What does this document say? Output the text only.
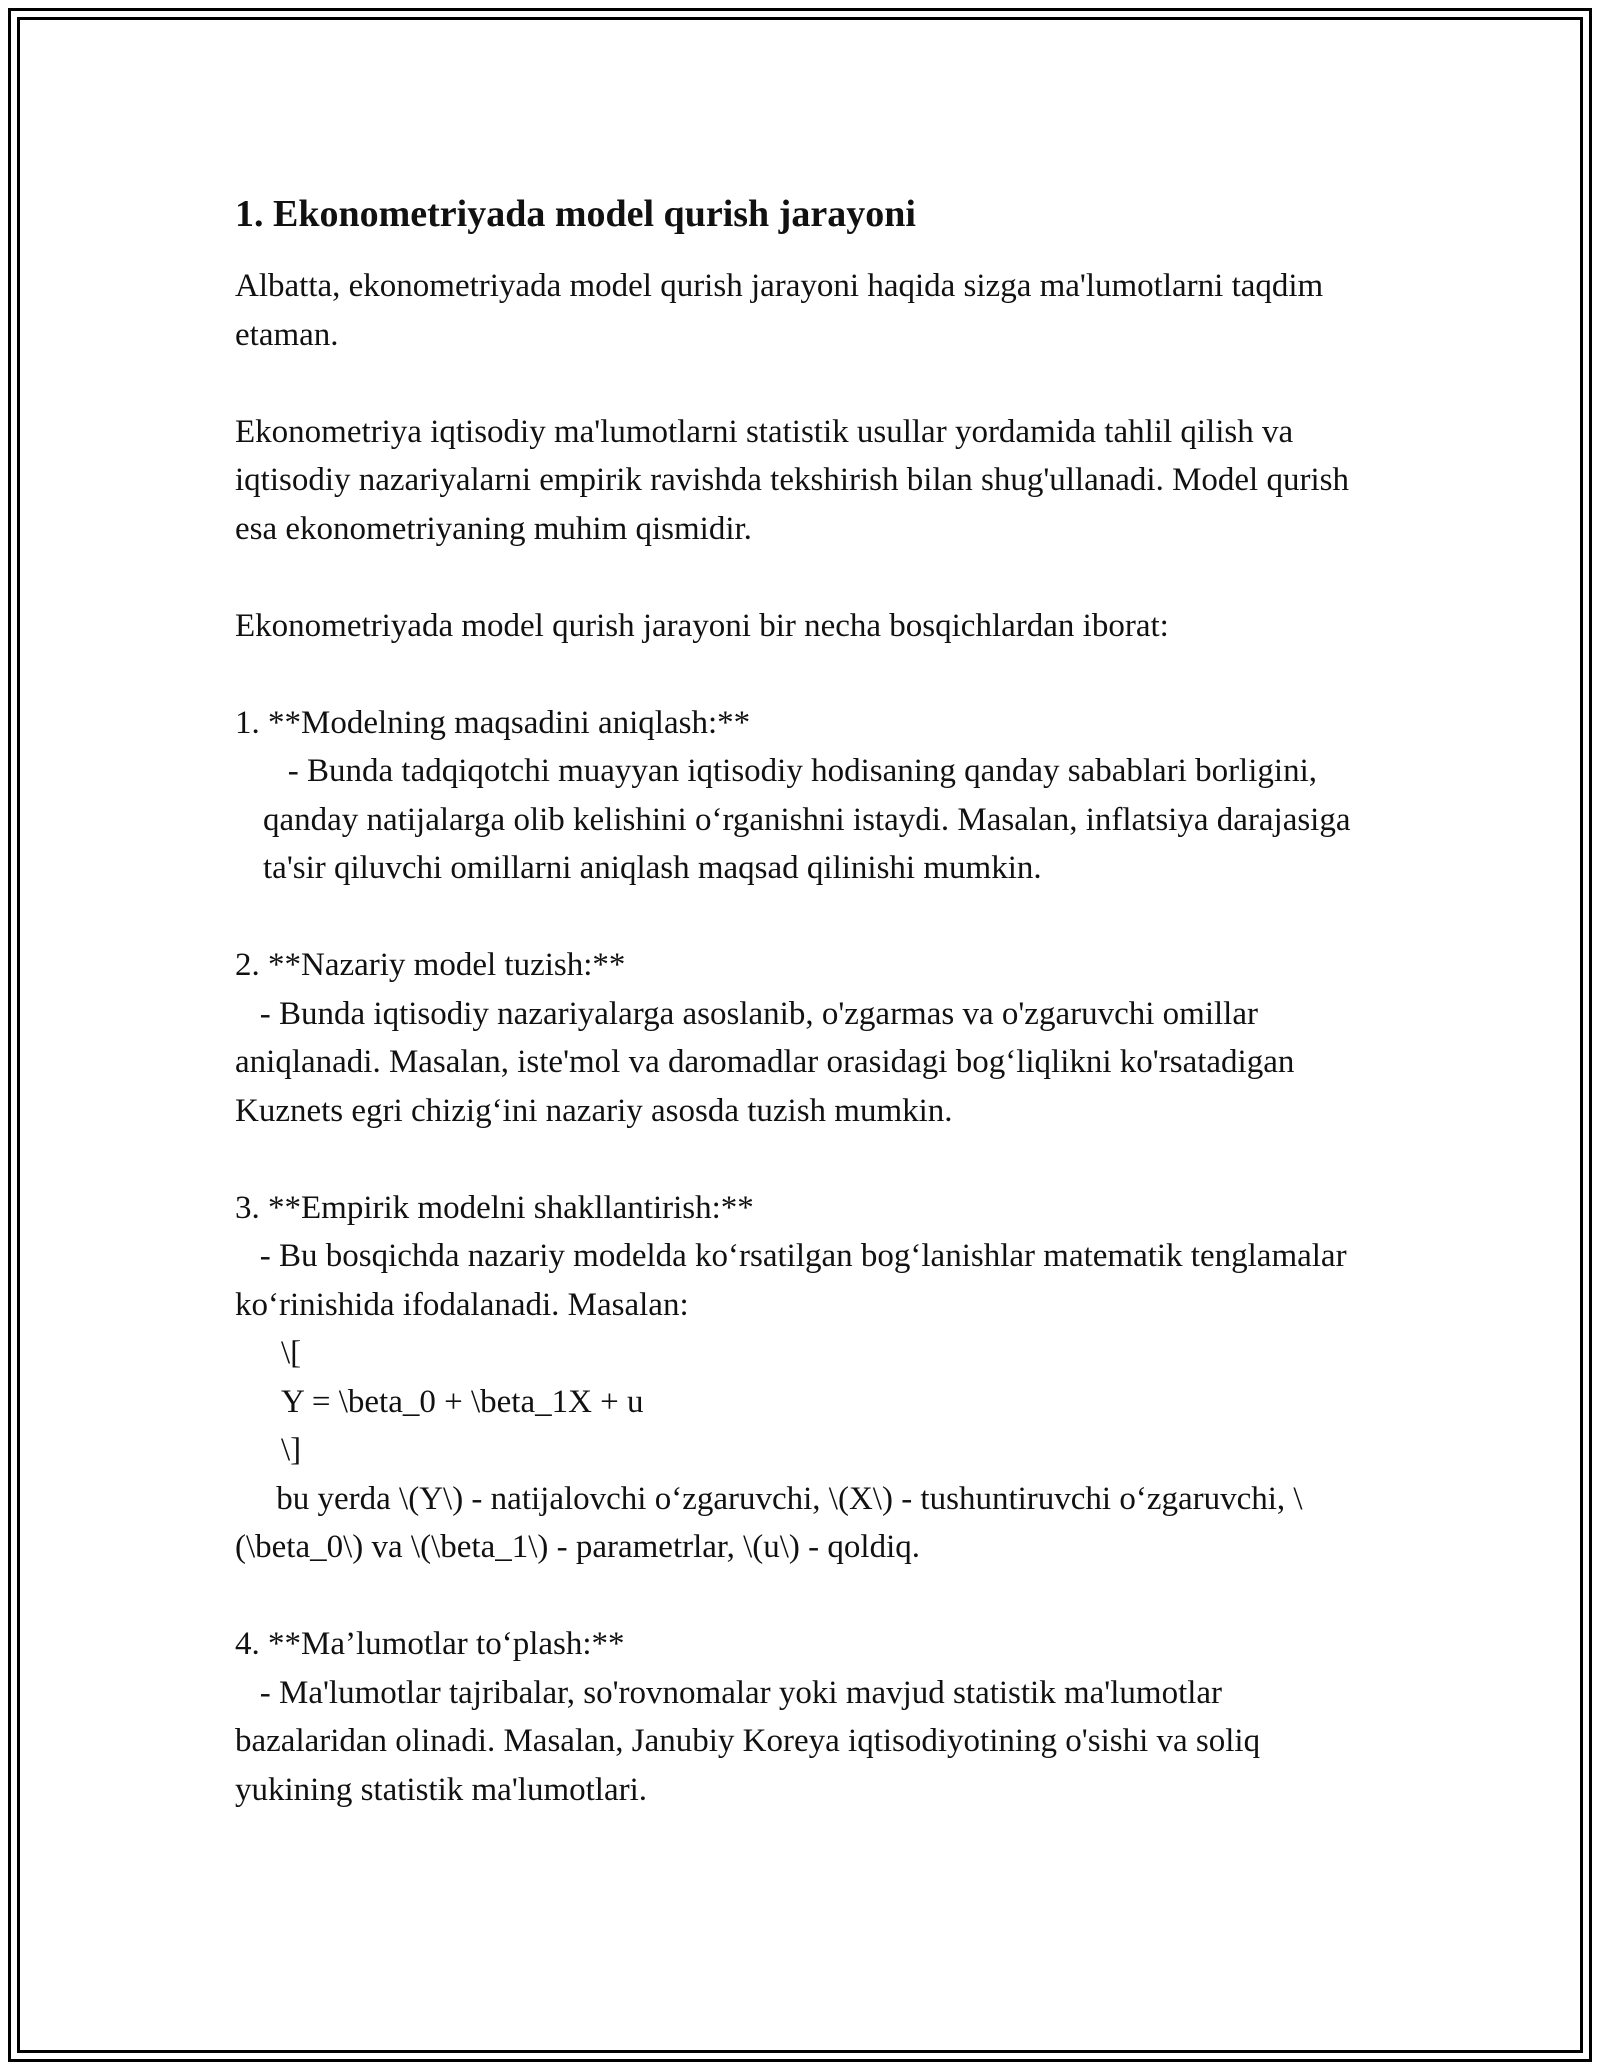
1. Ekonometriyada model qurish jarayoni

Albatta, ekonometriyada model qurish jarayoni haqida sizga ma'lumotlarni taqdim etaman.

Ekonometriya iqtisodiy ma'lumotlarni statistik usullar yordamida tahlil qilish va iqtisodiy nazariyalarni empirik ravishda tekshirish bilan shug'ullanadi. Model qurish esa ekonometriyaning muhim qismidir.

Ekonometriyada model qurish jarayoni bir necha bosqichlardan iborat:

1. **Modelning maqsadini aniqlash:**

- Bunda tadqiqotchi muayyan iqtisodiy hodisaning qanday sabablari borligini, qanday natijalarga olib kelishini o‘rganishni istaydi. Masalan, inflatsiya darajasiga ta'sir qiluvchi omillarni aniqlash maqsad qilinishi mumkin.

2. **Nazariy model tuzish:**

- Bunda iqtisodiy nazariyalarga asoslanib, o'zgarmas va o'zgaruvchi omillar aniqlanadi. Masalan, iste'mol va daromadlar orasidagi bog‘liqlikni ko'rsatadigan Kuznets egri chizig‘ini nazariy asosda tuzish mumkin.

3. **Empirik modelni shakllantirish:**

- Bu bosqichda nazariy modelda ko‘rsatilgan bog‘lanishlar matematik tenglamalar ko‘rinishida ifodalanadi. Masalan:

\[

Y = \beta_0 + \beta_1X + u

\]

bu yerda \(Y\) - natijalovchi o‘zgaruvchi, \(X\) - tushuntiruvchi o‘zgaruvchi, \(\beta_0\) va \(\beta_1\) - parametrlar, \(u\) - qoldiq.

4. **Ma’lumotlar to‘plash:**

- Ma'lumotlar tajribalar, so'rovnomalar yoki mavjud statistik ma'lumotlar bazalaridan olinadi. Masalan, Janubiy Koreya iqtisodiyotining o'sishi va soliq yukining statistik ma'lumotlari.
